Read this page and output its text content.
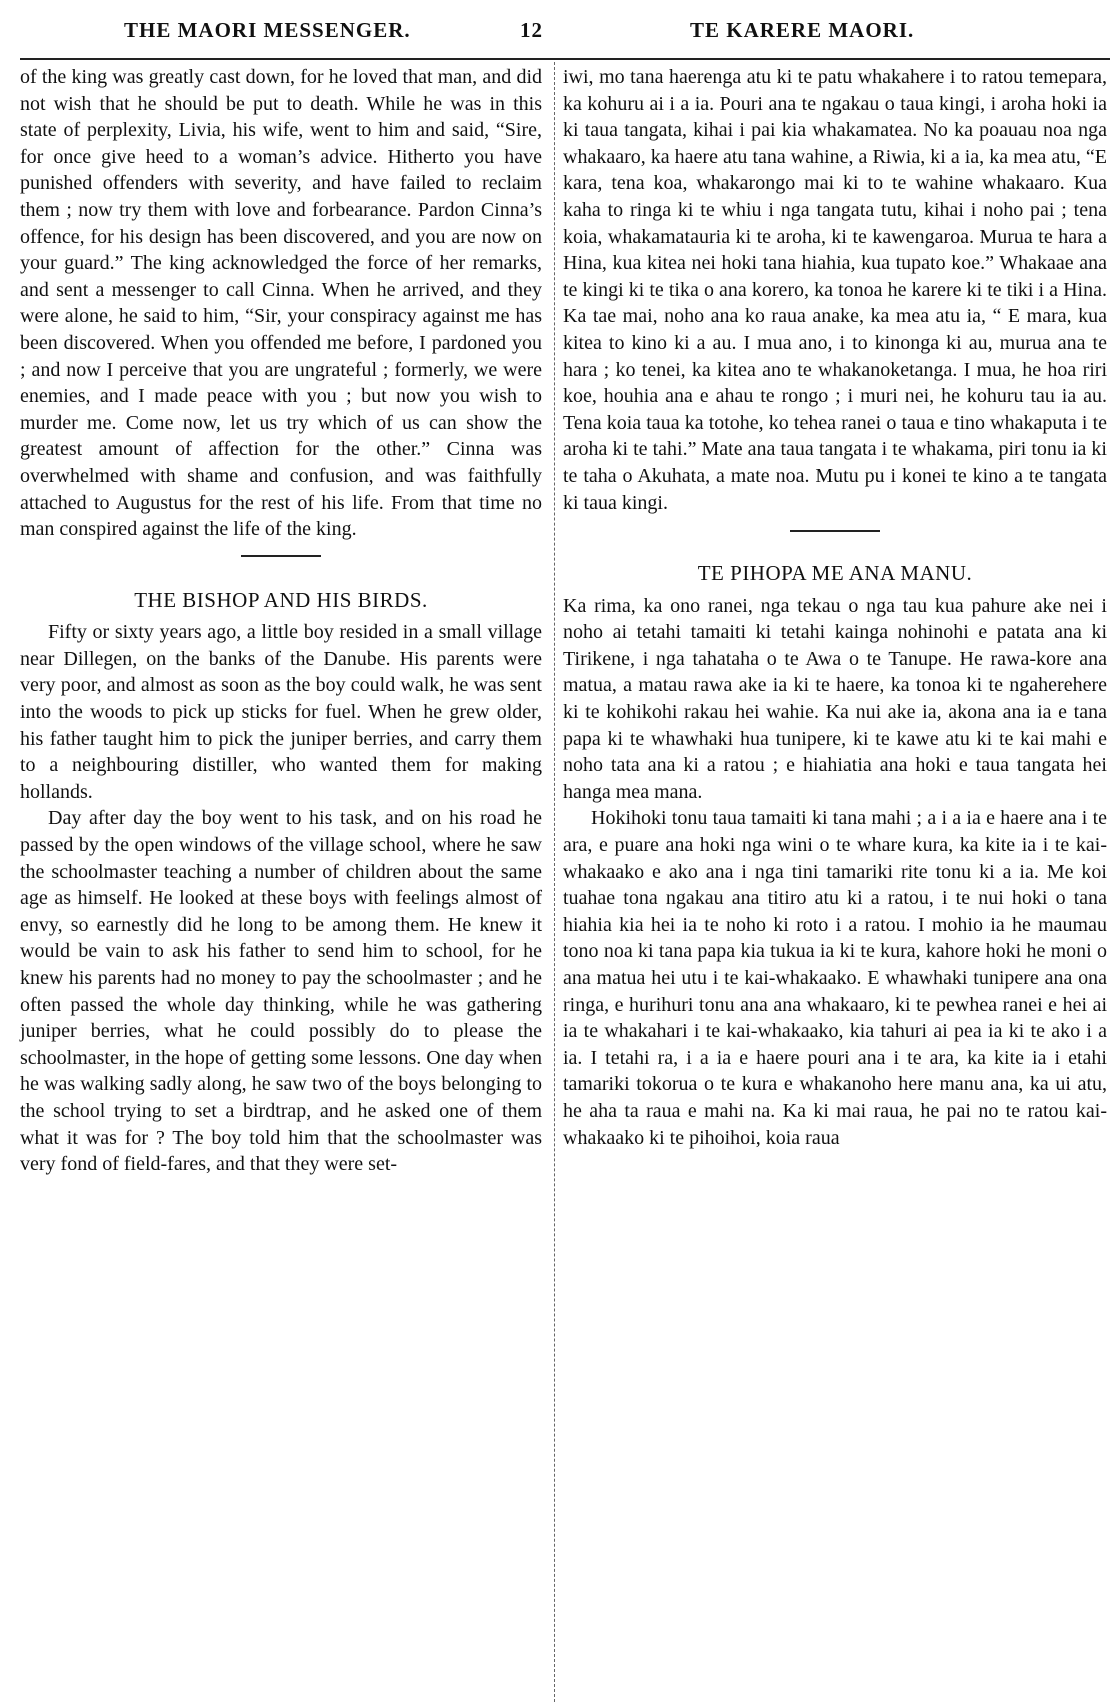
THE MAORI MESSENGER.	12	TE KARERE MAORI.

of the king was greatly cast down, for he loved that man, and did not wish that he should be put to death. While he was in this state of perplexity, Livia, his wife, went to him and said, “Sire, for once give heed to a woman’s advice. Hitherto you have punished offenders with severity, and have failed to reclaim them ; now try them with love and forbearance. Pardon Cinna’s offence, for his design has been discovered, and you are now on your guard.” The king acknowledged the force of her remarks, and sent a messenger to call Cinna. When he arrived, and they were alone, he said to him, “Sir, your conspiracy against me has been discovered. When you offended me before, I pardoned you ; and now I perceive that you are ungrateful ; formerly, we were enemies, and I made peace with you ; but now you wish to murder me. Come now, let us try which of us can show the greatest amount of affection for the other.” Cinna was overwhelmed with shame and confusion, and was faithfully attached to Augustus for the rest of his life. From that time no man conspired against the life of the king.

THE BISHOP AND HIS BIRDS.

Fifty or sixty years ago, a little boy resided in a small village near Dillegen, on the banks of the Danube. His parents were very poor, and almost as soon as the boy could walk, he was sent into the woods to pick up sticks for fuel. When he grew older, his father taught him to pick the juniper berries, and carry them to a neighbouring distiller, who wanted them for making hollands.

Day after day the boy went to his task, and on his road he passed by the open windows of the village school, where he saw the schoolmaster teaching a number of children about the same age as himself. He looked at these boys with feelings almost of envy, so earnestly did he long to be among them. He knew it would be vain to ask his father to send him to school, for he knew his parents had no money to pay the schoolmaster ; and he often passed the whole day thinking, while he was gathering juniper berries, what he could possibly do to please the schoolmaster, in the hope of getting some lessons. One day when he was walking sadly along, he saw two of the boys belonging to the school trying to set a birdtrap, and he asked one of them what it was for ? The boy told him that the schoolmaster was very fond of field-fares, and that they were set-

iwi, mo tana haerenga atu ki te patu whakahere i to ratou temepara, ka kohuru ai i a ia. Pouri ana te ngakau o taua kingi, i aroha hoki ia ki taua tangata, kihai i pai kia whakamatea. No ka poauau noa nga whakaaro, ka haere atu tana wahine, a Riwia, ki a ia, ka mea atu, “E kara, tena koa, whakarongo mai ki to te wahine whakaaro. Kua kaha to ringa ki te whiu i nga tangata tutu, kihai i noho pai ; tena koia, whakamatauria ki te aroha, ki te kawengaroa. Murua te hara a Hina, kua kitea nei hoki tana hiahia, kua tupato koe.” Whakaae ana te kingi ki te tika o ana korero, ka tonoa he karere ki te tiki i a Hina. Ka tae mai, noho ana ko raua anake, ka mea atu ia, “ E mara, kua kitea to kino ki a au. I mua ano, i to kinonga ki au, murua ana te hara ; ko tenei, ka kitea ano te whakanoketanga. I mua, he hoa riri koe, houhia ana e ahau te rongo ; i muri nei, he kohuru tau ia au. Tena koia taua ka totohe, ko tehea ranei o taua e tino whakaputa i te aroha ki te tahi.” Mate ana taua tangata i te whakama, piri tonu ia ki te taha o Akuhata, a mate noa. Mutu pu i konei te kino a te tangata ki taua kingi.

TE PIHOPA ME ANA MANU.

Ka rima, ka ono ranei, nga tekau o nga tau kua pahure ake nei i noho ai tetahi tamaiti ki tetahi kainga nohinohi e patata ana ki Tirikene, i nga tahataha o te Awa o te Tanupe. He rawa-kore ana matua, a matau rawa ake ia ki te haere, ka tonoa ki te ngaherehere ki te kohikohi rakau hei wahie. Ka nui ake ia, akona ana ia e tana papa ki te whawhaki hua tunipere, ki te kawe atu ki te kai mahi e noho tata ana ki a ratou ; e hiahiatia ana hoki e taua tangata hei hanga mea mana.

Hokihoki tonu taua tamaiti ki tana mahi ; a i a ia e haere ana i te ara, e puare ana hoki nga wini o te whare kura, ka kite ia i te kai-whakaako e ako ana i nga tini tamariki rite tonu ki a ia. Me koi tuahae tona ngakau ana titiro atu ki a ratou, i te nui hoki o tana hiahia kia hei ia te noho ki roto i a ratou. I mohio ia he maumau tono noa ki tana papa kia tukua ia ki te kura, kahore hoki he moni o ana matua hei utu i te kai-whakaako. E whawhaki tunipere ana ona ringa, e hurihuri tonu ana ana whakaaro, ki te pewhea ranei e hei ai ia te whakahari i te kai-whakaako, kia tahuri ai pea ia ki te ako i a ia. I tetahi ra, i a ia e haere pouri ana i te ara, ka kite ia i etahi tamariki tokorua o te kura e whakanoho here manu ana, ka ui atu, he aha ta raua e mahi na. Ka ki mai raua, he pai no te ratou kai-whakaako ki te pihoihoi, koia raua
